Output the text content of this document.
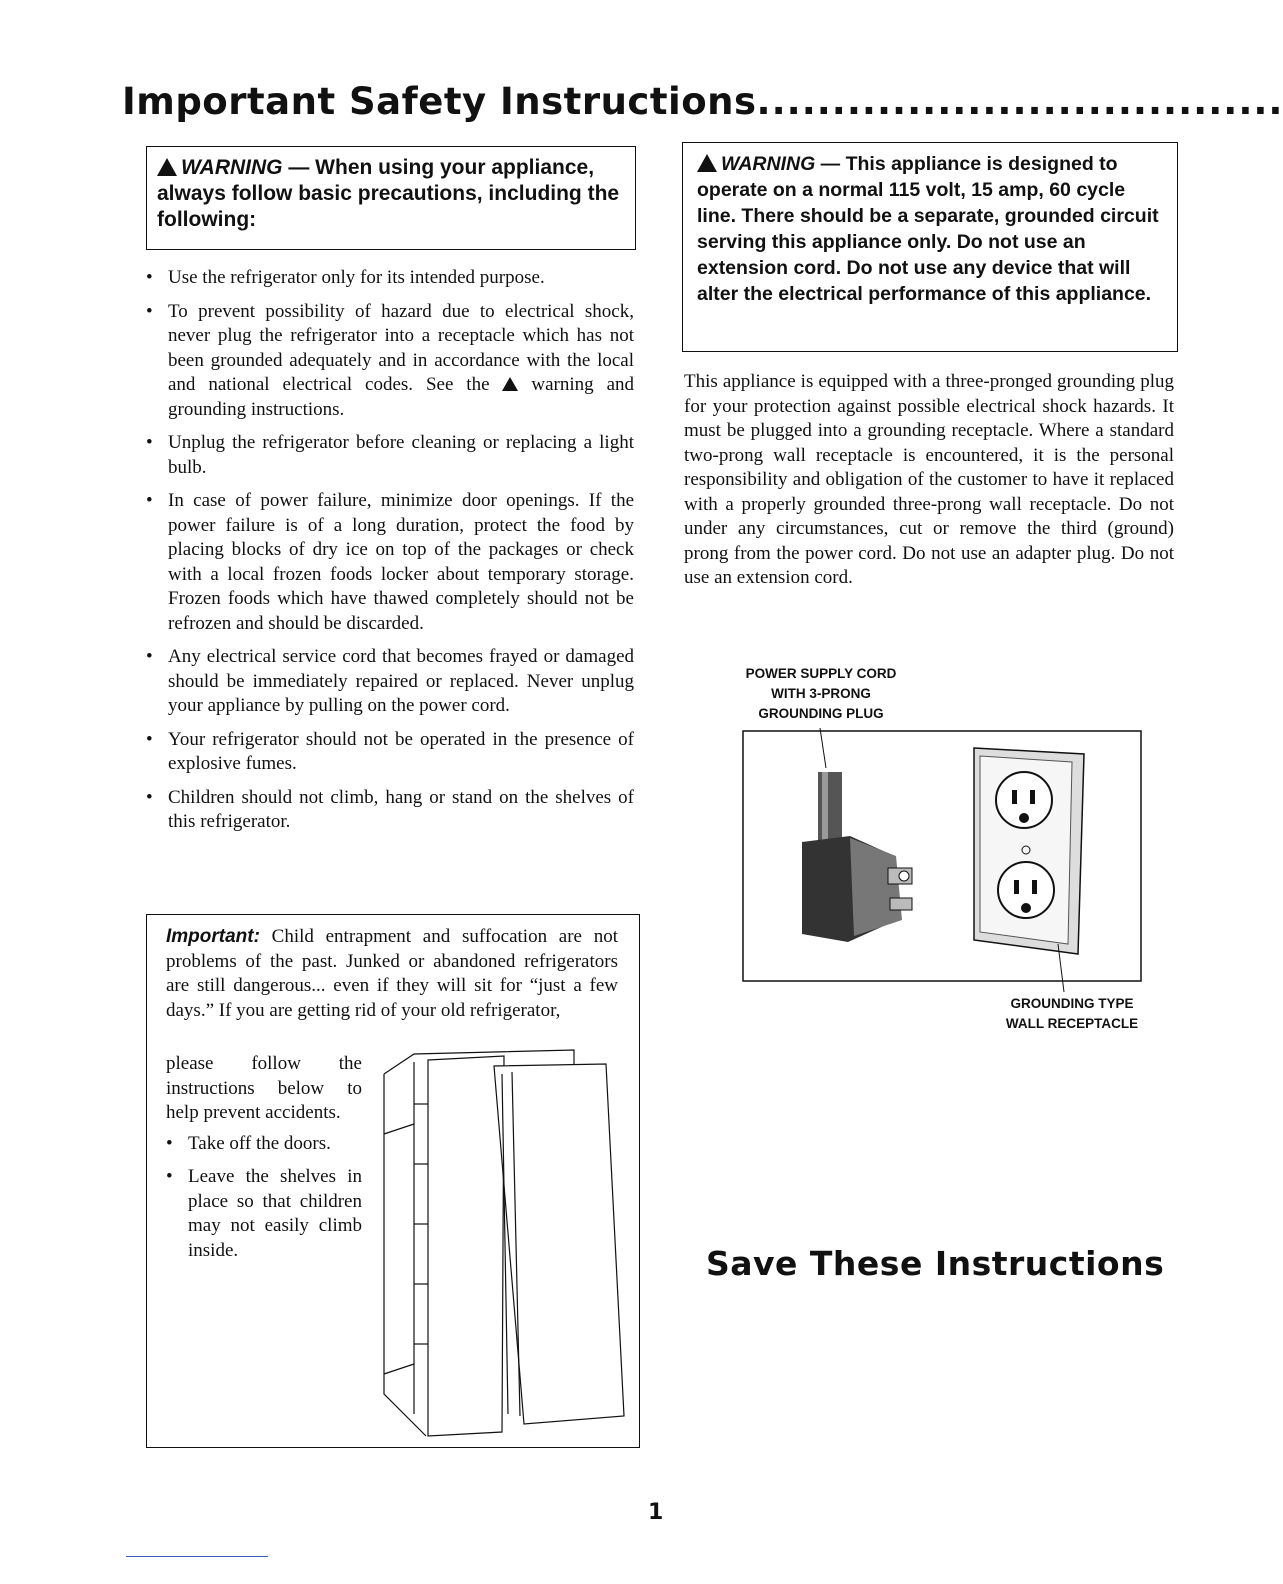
Important Safety Instructions...................................
WARNING — When using your appliance, always follow basic precautions, including the following:
• Use the refrigerator only for its intended purpose.
• To prevent possibility of hazard due to electrical shock, never plug the refrigerator into a receptacle which has not been grounded adequately and in accordance with the local and national electrical codes. See the warning and grounding instructions.
• Unplug the refrigerator before cleaning or replacing a light bulb.
• In case of power failure, minimize door openings. If the power failure is of a long duration, protect the food by placing blocks of dry ice on top of the packages or check with a local frozen foods locker about temporary storage. Frozen foods which have thawed completely should not be refrozen and should be discarded.
• Any electrical service cord that becomes frayed or damaged should be immediately repaired or replaced. Never unplug your appliance by pulling on the power cord.
• Your refrigerator should not be operated in the presence of explosive fumes.
• Children should not climb, hang or stand on the shelves of this refrigerator.
WARNING — This appliance is designed to operate on a normal 115 volt, 15 amp, 60 cycle line. There should be a separate, grounded circuit serving this appliance only. Do not use an extension cord. Do not use any device that will alter the electrical performance of this appliance.
This appliance is equipped with a three-pronged grounding plug for your protection against possible electrical shock hazards. It must be plugged into a grounding receptacle. Where a standard two-prong wall receptacle is encountered, it is the personal responsibility and obligation of the customer to have it replaced with a properly grounded three-prong wall receptacle. Do not under any circumstances, cut or remove the third (ground) prong from the power cord. Do not use an adapter plug. Do not use an extension cord.
POWER SUPPLY CORD
WITH 3-PRONG
GROUNDING PLUG
GROUNDING TYPE
WALL RECEPTACLE
Important: Child entrapment and suffocation are not problems of the past. Junked or abandoned refrigerators are still dangerous... even if they will sit for “just a few days.” If you are getting rid of your old refrigerator,
please follow the instructions below to help prevent accidents.
• Take off the doors.
• Leave the shelves in place so that children may not easily climb inside.	Save These Instructions
1
